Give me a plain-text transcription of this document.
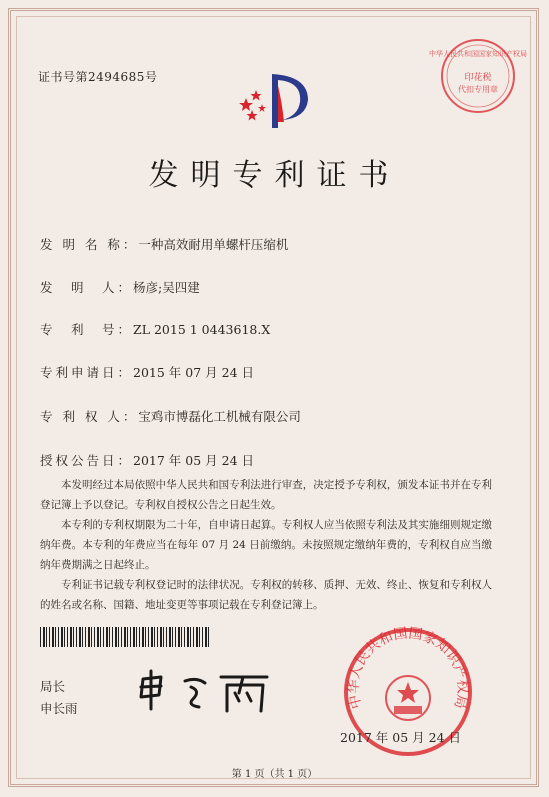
证书号第2494685号
中华人民共和国国家知识产权局
印花税
代扣专用章
发明专利证书
发 明 名 称：一种高效耐用单螺杆压缩机
发　明　人：杨彦;吴四建
专　利　号：ZL 2015 1 0443618.X
专利申请日：2015 年 07 月 24 日
专 利 权 人：宝鸡市博磊化工机械有限公司
授权公告日：2017 年 05 月 24 日

本发明经过本局依照中华人民共和国专利法进行审查，决定授予专利权，颁发本证书并在专利登记簿上予以登记。专利权自授权公告之日起生效。

本专利的专利权期限为二十年，自申请日起算。专利权人应当依照专利法及其实施细则规定缴纳年费。本专利的年费应当在每年 07 月 24 日前缴纳。未按照规定缴纳年费的，专利权自应当缴纳年费期满之日起终止。

专利证书记载专利权登记时的法律状况。专利权的转移、质押、无效、终止、恢复和专利权人的姓名或名称、国籍、地址变更等事项记载在专利登记簿上。

局长
申长雨	中华人民共和国国家知识产权局
2017 年 05 月 24 日
第 1 页（共 1 页）
